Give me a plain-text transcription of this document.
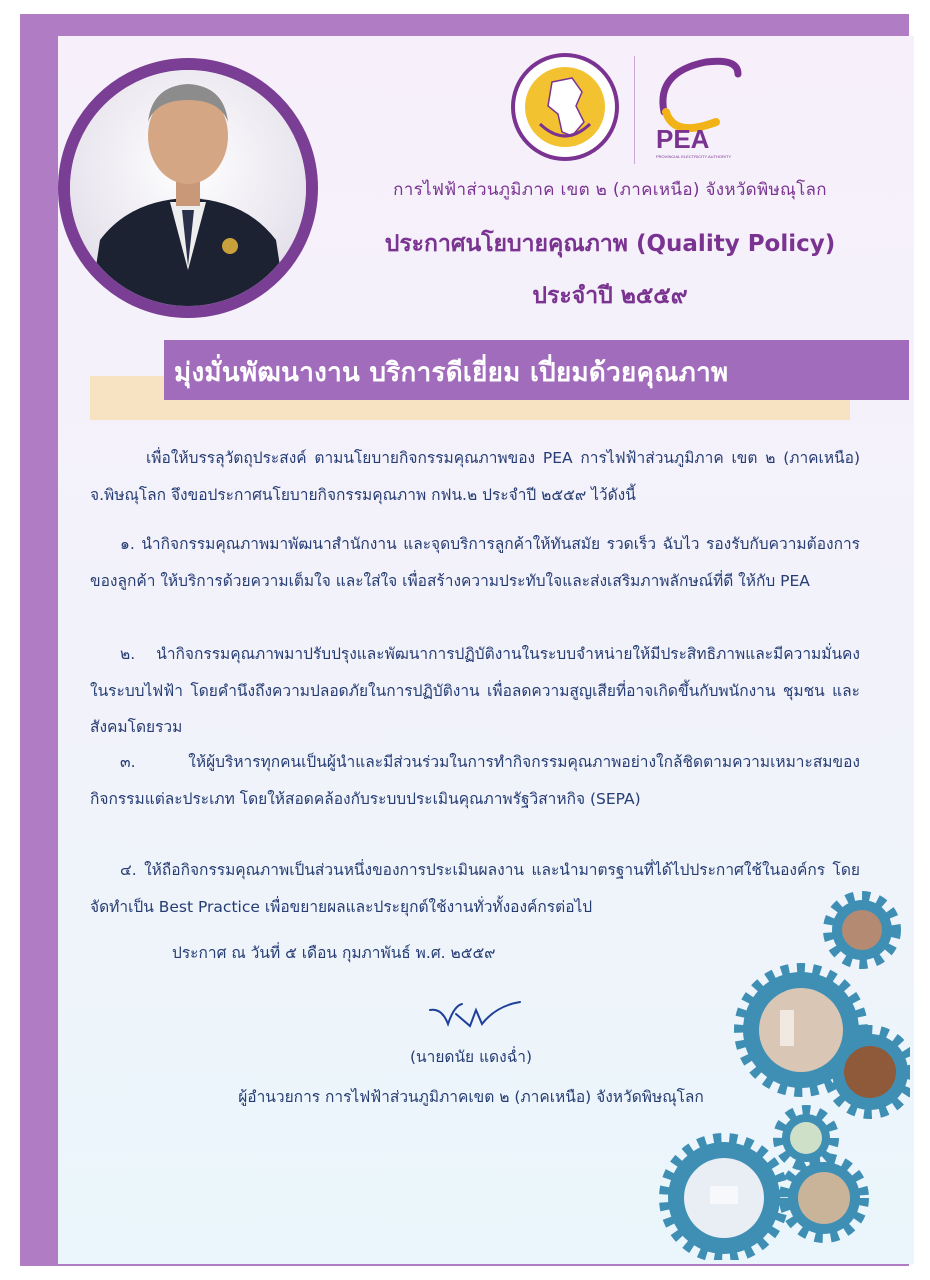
PEA
PROVINCIAL ELECTRICITY AUTHORITY
การไฟฟ้าส่วนภูมิภาค เขต ๒ (ภาคเหนือ) จังหวัดพิษณุโลก
ประกาศนโยบายคุณภาพ (Quality Policy)
ประจำปี ๒๕๕๙
มุ่งมั่นพัฒนางาน บริการดีเยี่ยม เปี่ยมด้วยคุณภาพ
เพื่อให้บรรลุวัตถุประสงค์ ตามนโยบายกิจกรรมคุณภาพของ PEA การไฟฟ้าส่วนภูมิภาค เขต ๒ (ภาคเหนือ) จ.พิษณุโลก จึงขอประกาศนโยบายกิจกรรมคุณภาพ กฟน.๒ ประจำปี ๒๕๕๙ ไว้ดังนี้
๑. นำกิจกรรมคุณภาพมาพัฒนาสำนักงาน และจุดบริการลูกค้าให้ทันสมัย รวดเร็ว ฉับไว รองรับกับความต้องการของลูกค้า ให้บริการด้วยความเต็มใจ และใส่ใจ เพื่อสร้างความประทับใจและส่งเสริมภาพลักษณ์ที่ดี ให้กับ PEA
๒. นำกิจกรรมคุณภาพมาปรับปรุงและพัฒนาการปฏิบัติงานในระบบจำหน่ายให้มีประสิทธิภาพและมีความมั่นคงในระบบไฟฟ้า โดยคำนึงถึงความปลอดภัยในการปฏิบัติงาน เพื่อลดความสูญเสียที่อาจเกิดขึ้นกับพนักงาน ชุมชน และสังคมโดยรวม
๓. ให้ผู้บริหารทุกคนเป็นผู้นำและมีส่วนร่วมในการทำกิจกรรมคุณภาพอย่างใกล้ชิดตามความเหมาะสมของกิจกรรมแต่ละประเภท โดยให้สอดคล้องกับระบบประเมินคุณภาพรัฐวิสาหกิจ (SEPA)
๔. ให้ถือกิจกรรมคุณภาพเป็นส่วนหนึ่งของการประเมินผลงาน และนำมาตรฐานที่ได้ไปประกาศใช้ในองค์กร โดยจัดทำเป็น Best Practice เพื่อขยายผลและประยุกต์ใช้งานทั่วทั้งองค์กรต่อไป
ประกาศ ณ วันที่ ๕ เดือน กุมภาพันธ์ พ.ศ. ๒๕๕๙
(นายดนัย แดงฉ่ำ)
ผู้อำนวยการ การไฟฟ้าส่วนภูมิภาคเขต ๒ (ภาคเหนือ) จังหวัดพิษณุโลก
